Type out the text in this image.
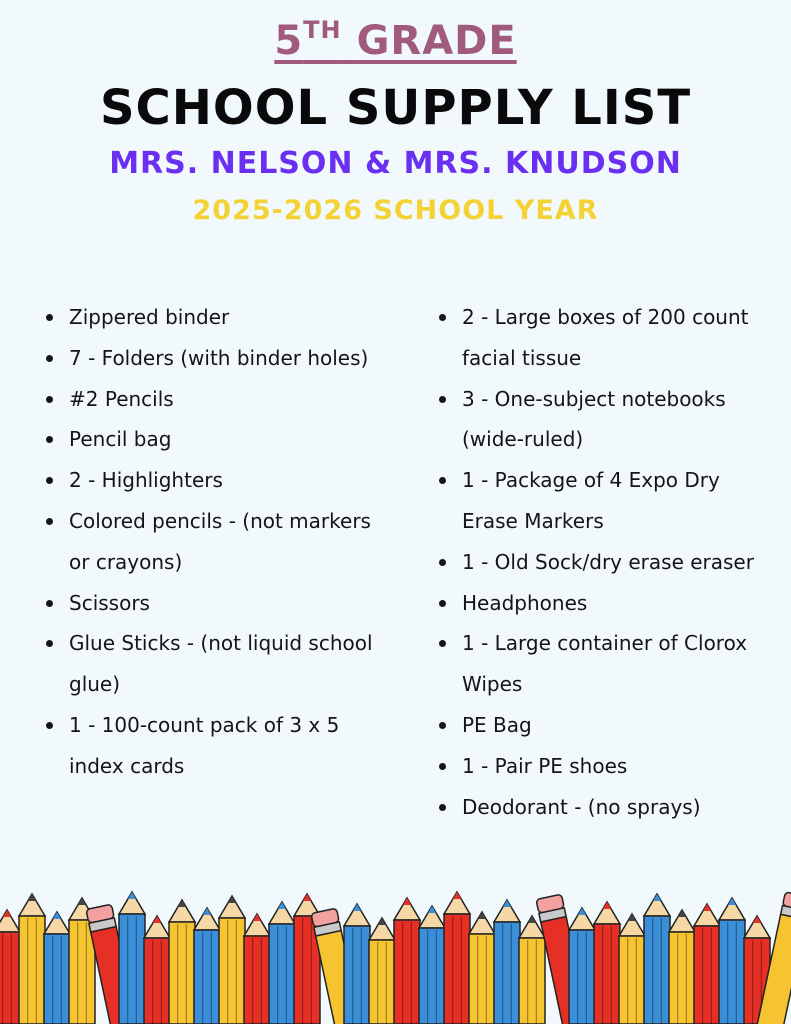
5TH GRADE
SCHOOL SUPPLY LIST
MRS. NELSON & MRS. KNUDSON
2025-2026 SCHOOL YEAR
Zippered binder
7 - Folders (with binder holes)
#2 Pencils
Pencil bag
2 - Highlighters
Colored pencils - (not markers or crayons)
Scissors
Glue Sticks - (not liquid school glue)
1 - 100-count pack of 3 x 5 index cards
2 - Large boxes of 200 count facial tissue
3 - One-subject notebooks (wide-ruled)
1 - Package of 4 Expo Dry Erase Markers
1 - Old Sock/dry erase eraser
Headphones
1 - Large container of Clorox Wipes
PE Bag
1 - Pair PE shoes
Deodorant - (no sprays)
